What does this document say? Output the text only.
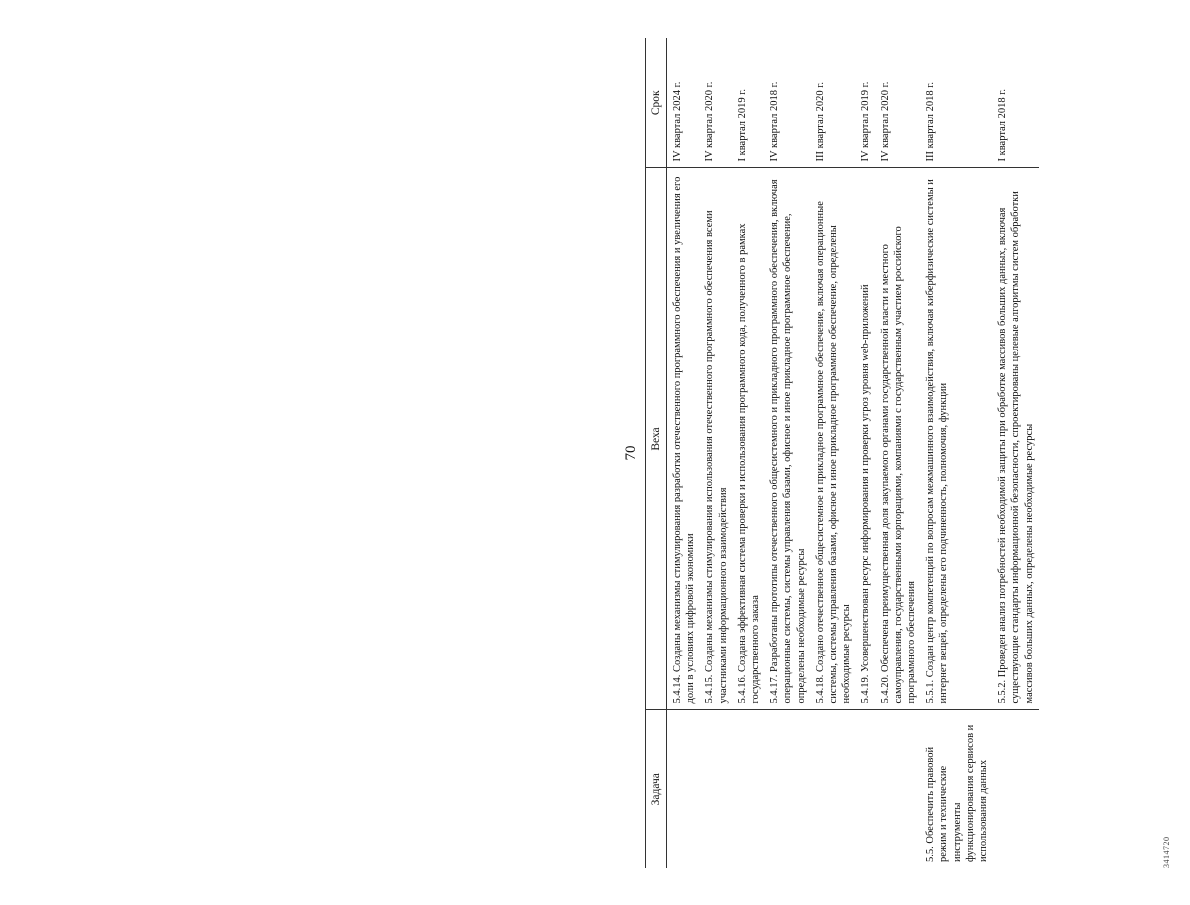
70
Задача	Веха	Срок
	5.4.14. Созданы механизмы стимулирования разработки отечественного программного обеспечения и увеличения его доли в условиях цифровой экономики	IV квартал 2024 г.
	5.4.15. Созданы механизмы стимулирования использования отечественного программного обеспечения всеми участниками информационного взаимодействия	IV квартал 2020 г.
	5.4.16. Создана эффективная система проверки и использования программного кода, полученного в рамках государственного заказа	I квартал 2019 г.
	5.4.17. Разработаны прототипы отечественного общесистемного и прикладного программного обеспечения, включая операционные системы, системы управления базами, офисное и иное прикладное программное обеспечение, определены необходимые ресурсы	IV квартал 2018 г.
	5.4.18. Создано отечественное общесистемное и прикладное программное обеспечение, включая операционные системы, системы управления базами, офисное и иное прикладное программное обеспечение, определены необходимые ресурсы	III квартал 2020 г.
	5.4.19. Усовершенствован ресурс информирования и проверки угроз уровня web-приложений	IV квартал 2019 г.
	5.4.20. Обеспечена преимущественная доля закупаемого органами государственной власти и местного самоуправления, государственными корпорациями, компаниями с государственным участием российского программного обеспечения	IV квартал 2020 г.
5.5. Обеспечить правовой режим и технические инструменты функционирования сервисов и использования данных	5.5.1. Создан центр компетенций по вопросам межмашинного взаимодействия, включая киберфизические системы и интернет вещей, определены его подчиненность, полномочия, функции	III квартал 2018 г.
	5.5.2. Проведен анализ потребностей необходимой защиты при обработке массивов больших данных, включая существующие стандарты информационной безопасности, спроектированы целевые алгоритмы систем обработки массивов больших данных, определены необходимые ресурсы	I квартал 2018 г.
3414720
